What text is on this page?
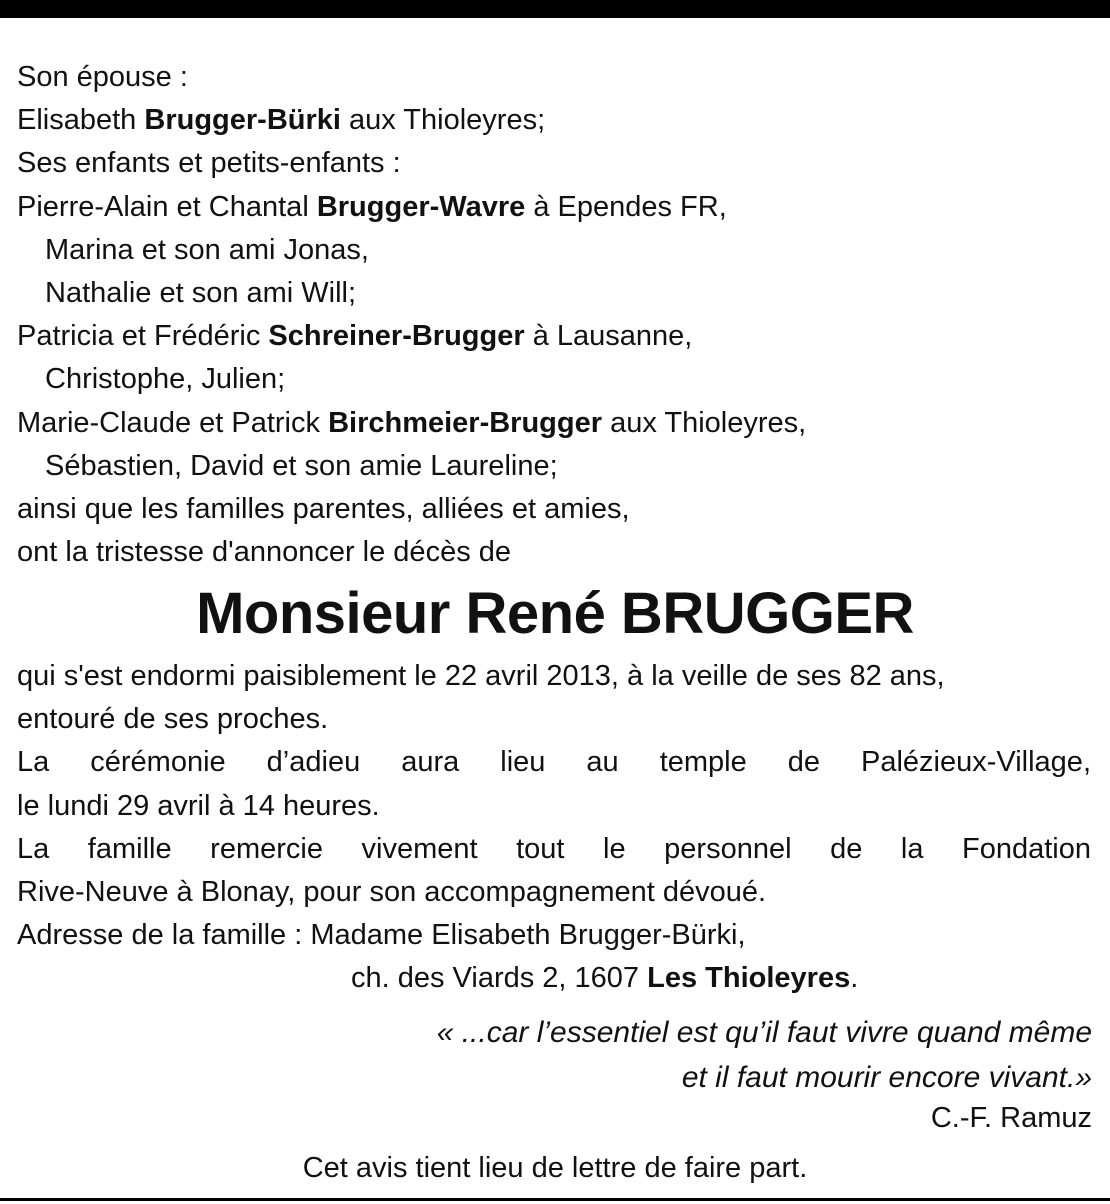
Son épouse :
Elisabeth Brugger-Bürki aux Thioleyres;
Ses enfants et petits-enfants :
Pierre-Alain et Chantal Brugger-Wavre à Ependes FR,
Marina et son ami Jonas,
Nathalie et son ami Will;
Patricia et Frédéric Schreiner-Brugger à Lausanne,
Christophe, Julien;
Marie-Claude et Patrick Birchmeier-Brugger aux Thioleyres,
Sébastien, David et son amie Laureline;
ainsi que les familles parentes, alliées et amies,
ont la tristesse d'annoncer le décès de
Monsieur René BRUGGER
qui s'est endormi paisiblement le 22 avril 2013, à la veille de ses 82 ans,
entouré de ses proches.
La cérémonie d’adieu aura lieu au temple de Palézieux-Village,
le lundi 29 avril à 14 heures.
La famille remercie vivement tout le personnel de la Fondation
Rive-Neuve à Blonay, pour son accompagnement dévoué.
Adresse de la famille : Madame Elisabeth Brugger-Bürki,
ch. des Viards 2, 1607 Les Thioleyres.
« ...car l’essentiel est qu’il faut vivre quand même
et il faut mourir encore vivant.»
C.-F. Ramuz
Cet avis tient lieu de lettre de faire part.
